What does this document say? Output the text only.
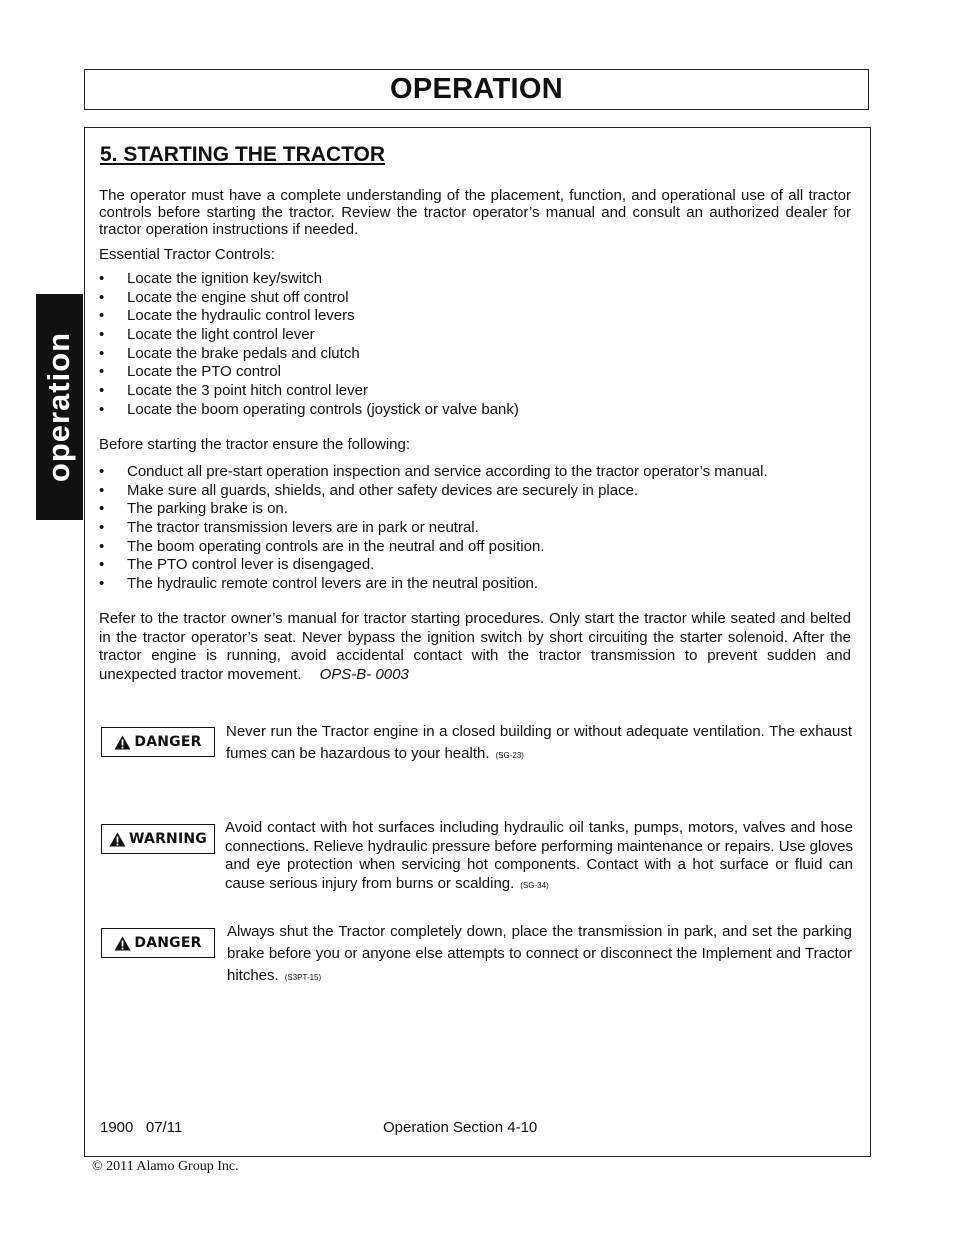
OPERATION
operation
5. STARTING THE TRACTOR

The operator must have a complete understanding of the placement, function, and operational use of all tractor controls before starting the tractor. Review the tractor operator’s manual and consult an authorized dealer for tractor operation instructions if needed.

Essential Tractor Controls:

• Locate the ignition key/switch
• Locate the engine shut off control
• Locate the hydraulic control levers
• Locate the light control lever
• Locate the brake pedals and clutch
• Locate the PTO control
• Locate the 3 point hitch control lever
• Locate the boom operating controls (joystick or valve bank)

Before starting the tractor ensure the following:

• Conduct all pre-start operation inspection and service according to the tractor operator’s manual.
• Make sure all guards, shields, and other safety devices are securely in place.
• The parking brake is on.
• The tractor transmission levers are in park or neutral.
• The boom operating controls are in the neutral and off position.
• The PTO control lever is disengaged.
• The hydraulic remote control levers are in the neutral position.

Refer to the tractor owner’s manual for tractor starting procedures. Only start the tractor while seated and belted in the tractor operator’s seat. Never bypass the ignition switch by short circuiting the starter solenoid. After the tractor engine is running, avoid accidental contact with the tractor transmission to prevent sudden and unexpected tractor movement. OPS-B- 0003

DANGER

Never run the Tractor engine in a closed building or without adequate ventilation. The exhaust fumes can be hazardous to your health. (SG-23)

WARNING

Avoid contact with hot surfaces including hydraulic oil tanks, pumps, motors, valves and hose connections. Relieve hydraulic pressure before performing maintenance or repairs. Use gloves and eye protection when servicing hot components. Contact with a hot surface or fluid can cause serious injury from burns or scalding. (SG-34)

DANGER

Always shut the Tractor completely down, place the transmission in park, and set the parking brake before you or anyone else attempts to connect or disconnect the Implement and Tractor hitches. (S3PT-15)

1900   07/11	Operation Section 4-10
© 2011 Alamo Group Inc.
